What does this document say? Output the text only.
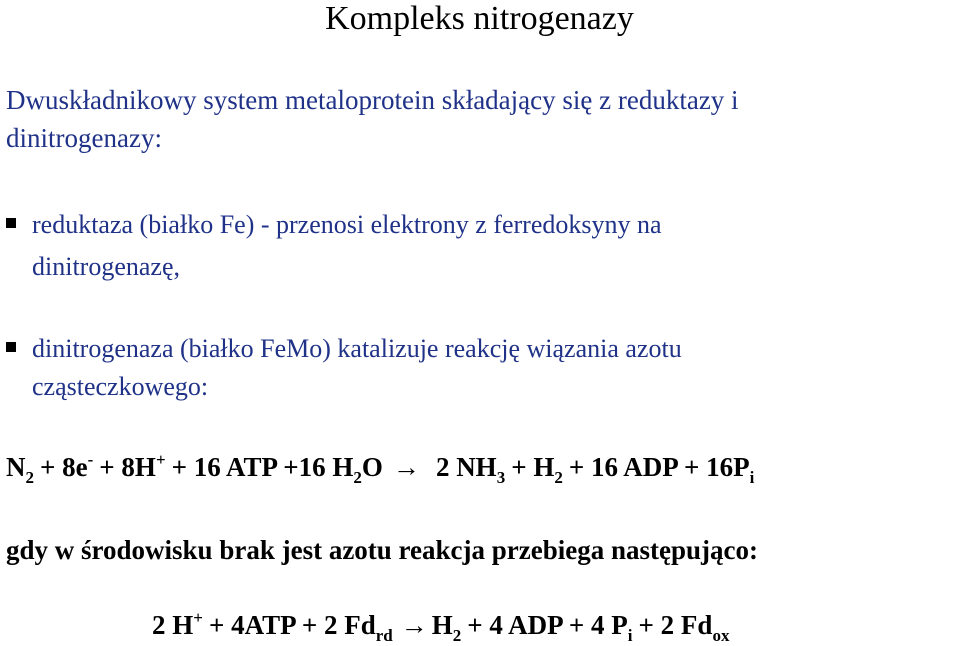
Kompleks nitrogenazy
Dwuskładnikowy system metaloprotein składający się z reduktazy i
dinitrogenazy:
reduktaza (białko Fe) - przenosi elektrony z ferredoksyny na
dinitrogenazę,
dinitrogenaza (białko FeMo) katalizuje reakcję wiązania azotu
cząsteczkowego:
$N_2 + 8e^- + 8H^+ + 16$ ATP +16 $H_2O \to 2$ $NH_3 + H_2 + 16$ ADP + $16P_i$
gdy w środowisku brak jest azotu reakcja przebiega następująco:
2 H+ + 4ATP + 2 $Fd_{rd} \to H_2 + 4$ ADP + 4 $P_i + 2$ $Fd_{ox}$
